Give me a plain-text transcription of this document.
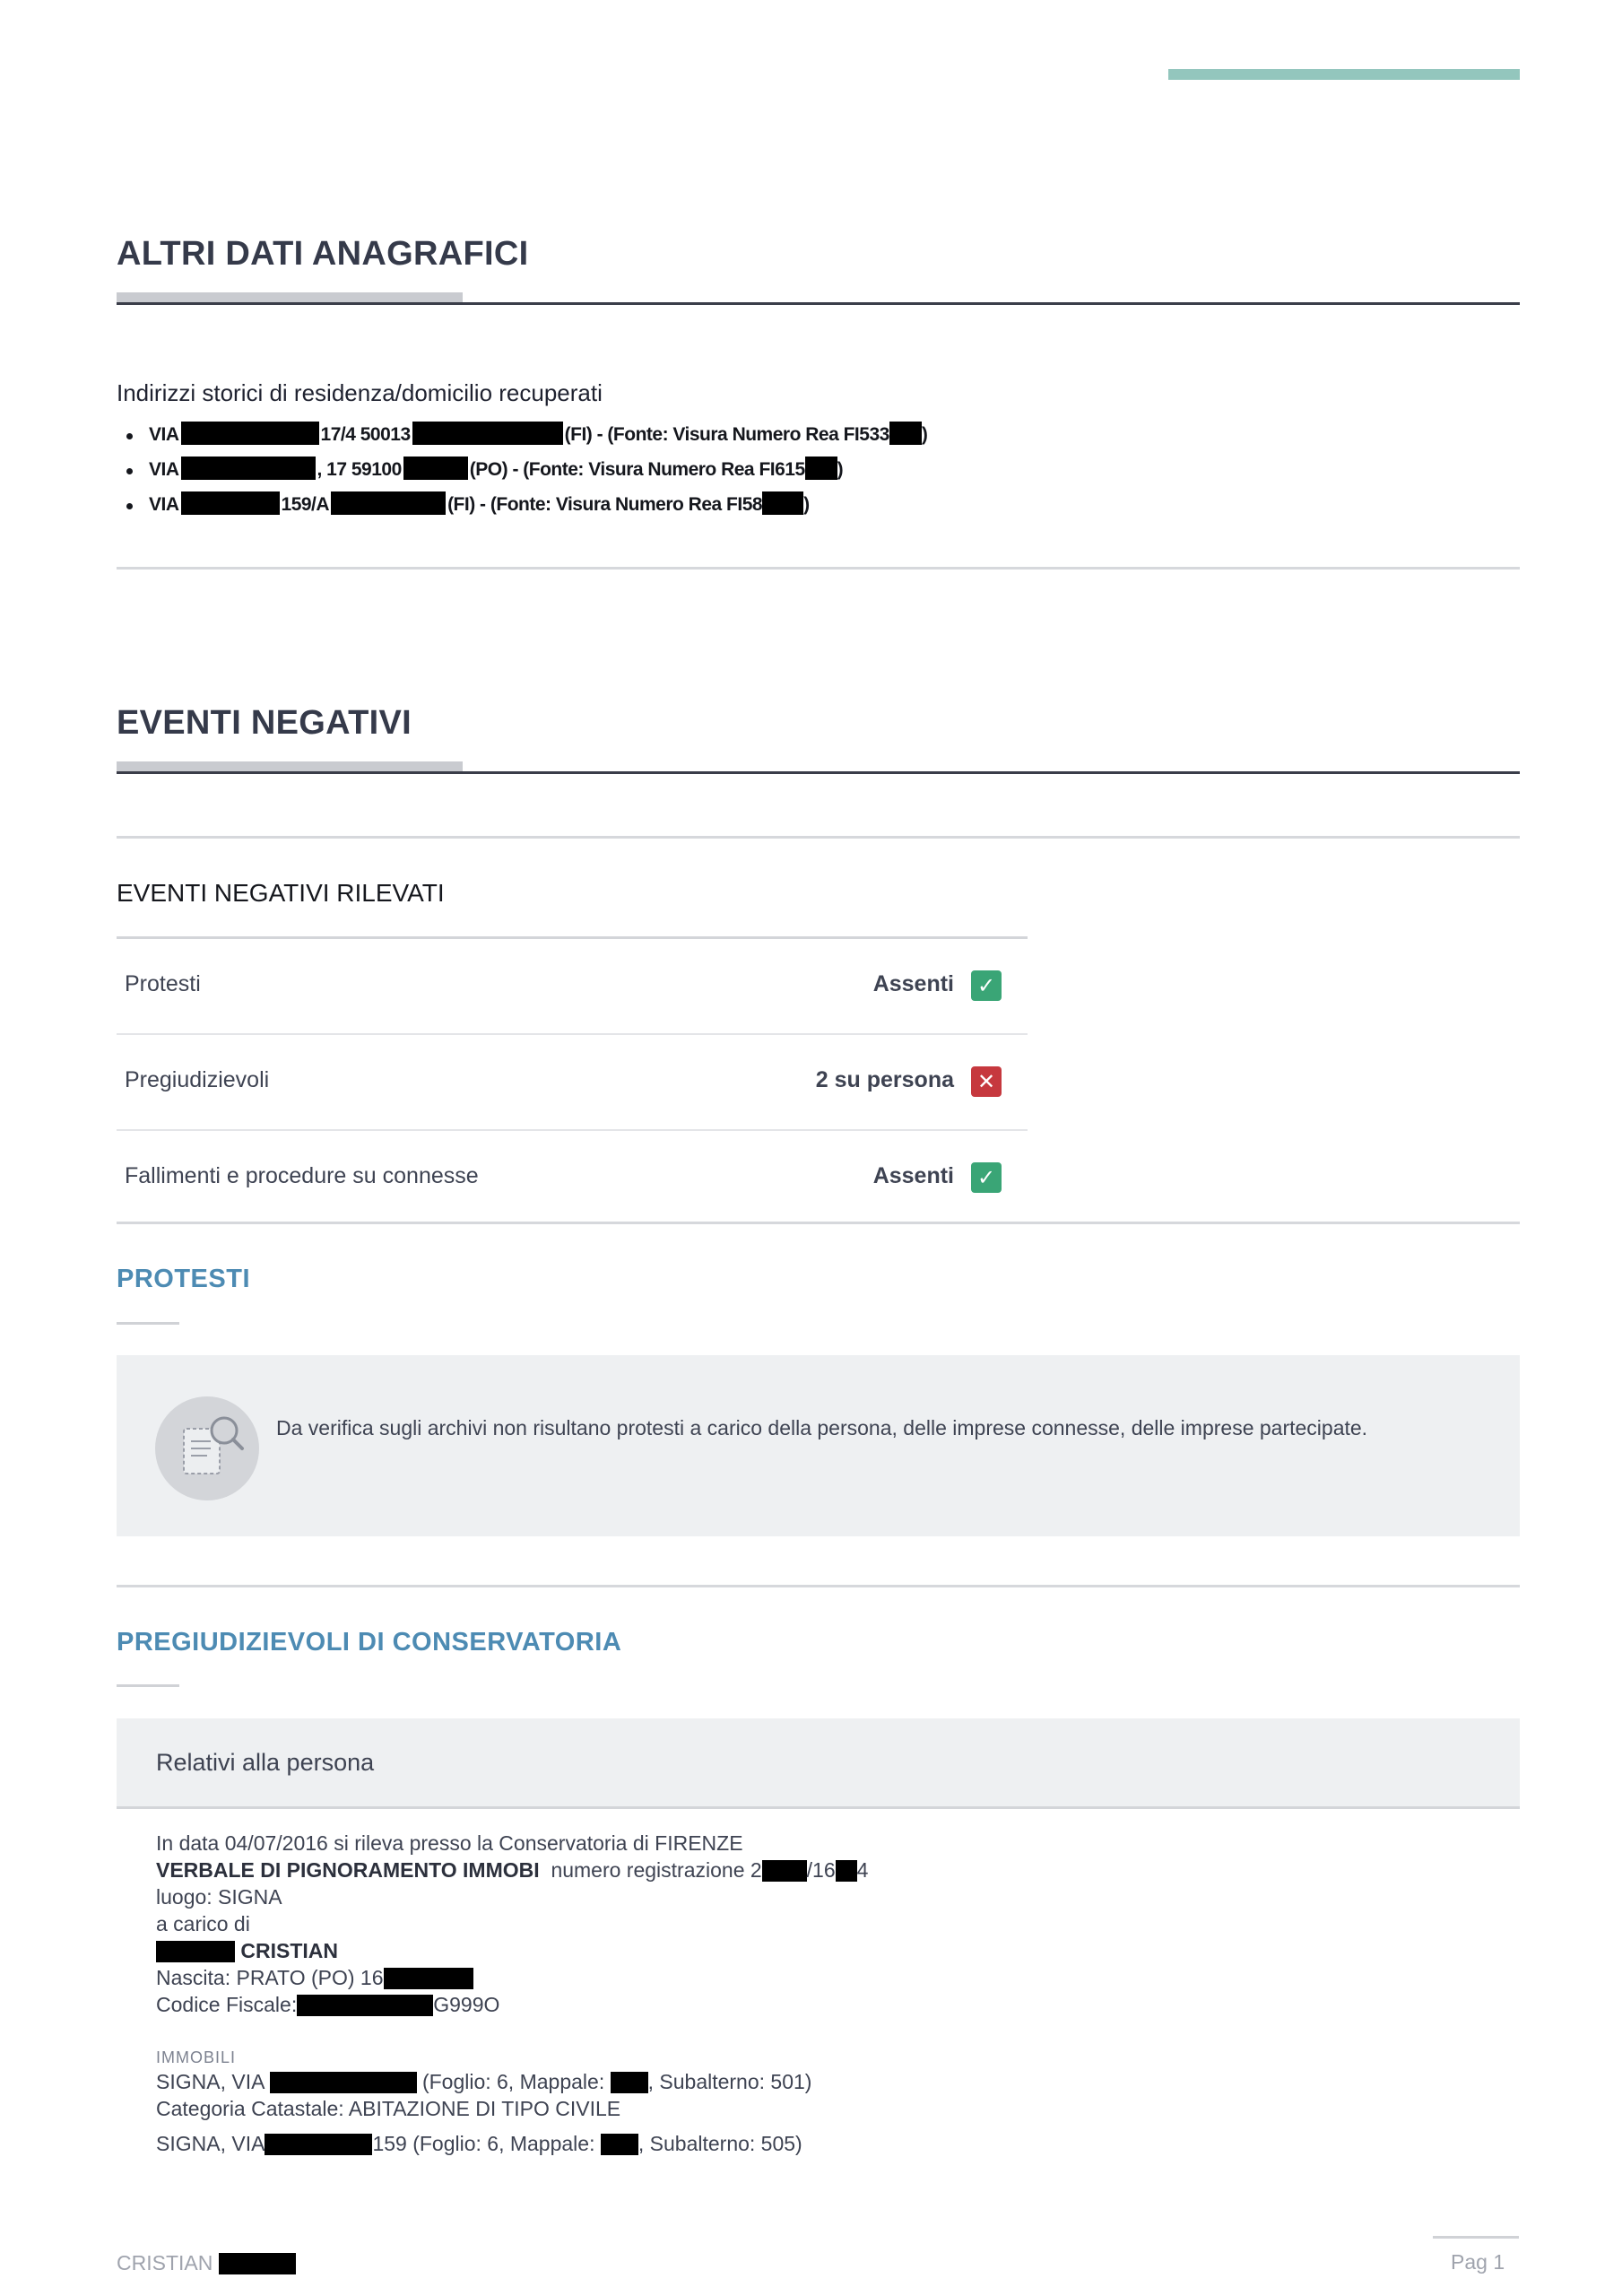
ALTRI DATI ANAGRAFICI
Indirizzi storici di residenza/domicilio recuperati
VIA	17/4 50013	(FI) - (Fonte: Visura Numero Rea FI533 )
VIA	, 17 59100	(PO) - (Fonte: Visura Numero Rea FI615 )
VIA	159/A	(FI) - (Fonte: Visura Numero Rea FI58 )
EVENTI NEGATIVI
EVENTI NEGATIVI RILEVATI
Protesti	Assenti ✓
Pregiudizievoli	2 su persona ✕
Fallimenti e procedure su connesse	Assenti ✓
PROTESTI
Da verifica sugli archivi non risultano protesti a carico della persona, delle imprese connesse, delle imprese partecipate.
PREGIUDIZIEVOLI DI CONSERVATORIA
Relativi alla persona
In data 04/07/2016 si rileva presso la Conservatoria di FIRENZE
VERBALE DI PIGNORAMENTO IMMOBI numero registrazione 2 /16 4
luogo: SIGNA
a carico di
CRISTIAN
Nascita: PRATO (PO) 16
Codice Fiscale:	G999O
IMMOBILI
SIGNA, VIA	(Foglio: 6, Mappale: , Subalterno: 501)
Categoria Catastale: ABITAZIONE DI TIPO CIVILE
SIGNA, VIA	159 (Foglio: 6, Mappale: , Subalterno: 505)
CRISTIAN	Pag 1
